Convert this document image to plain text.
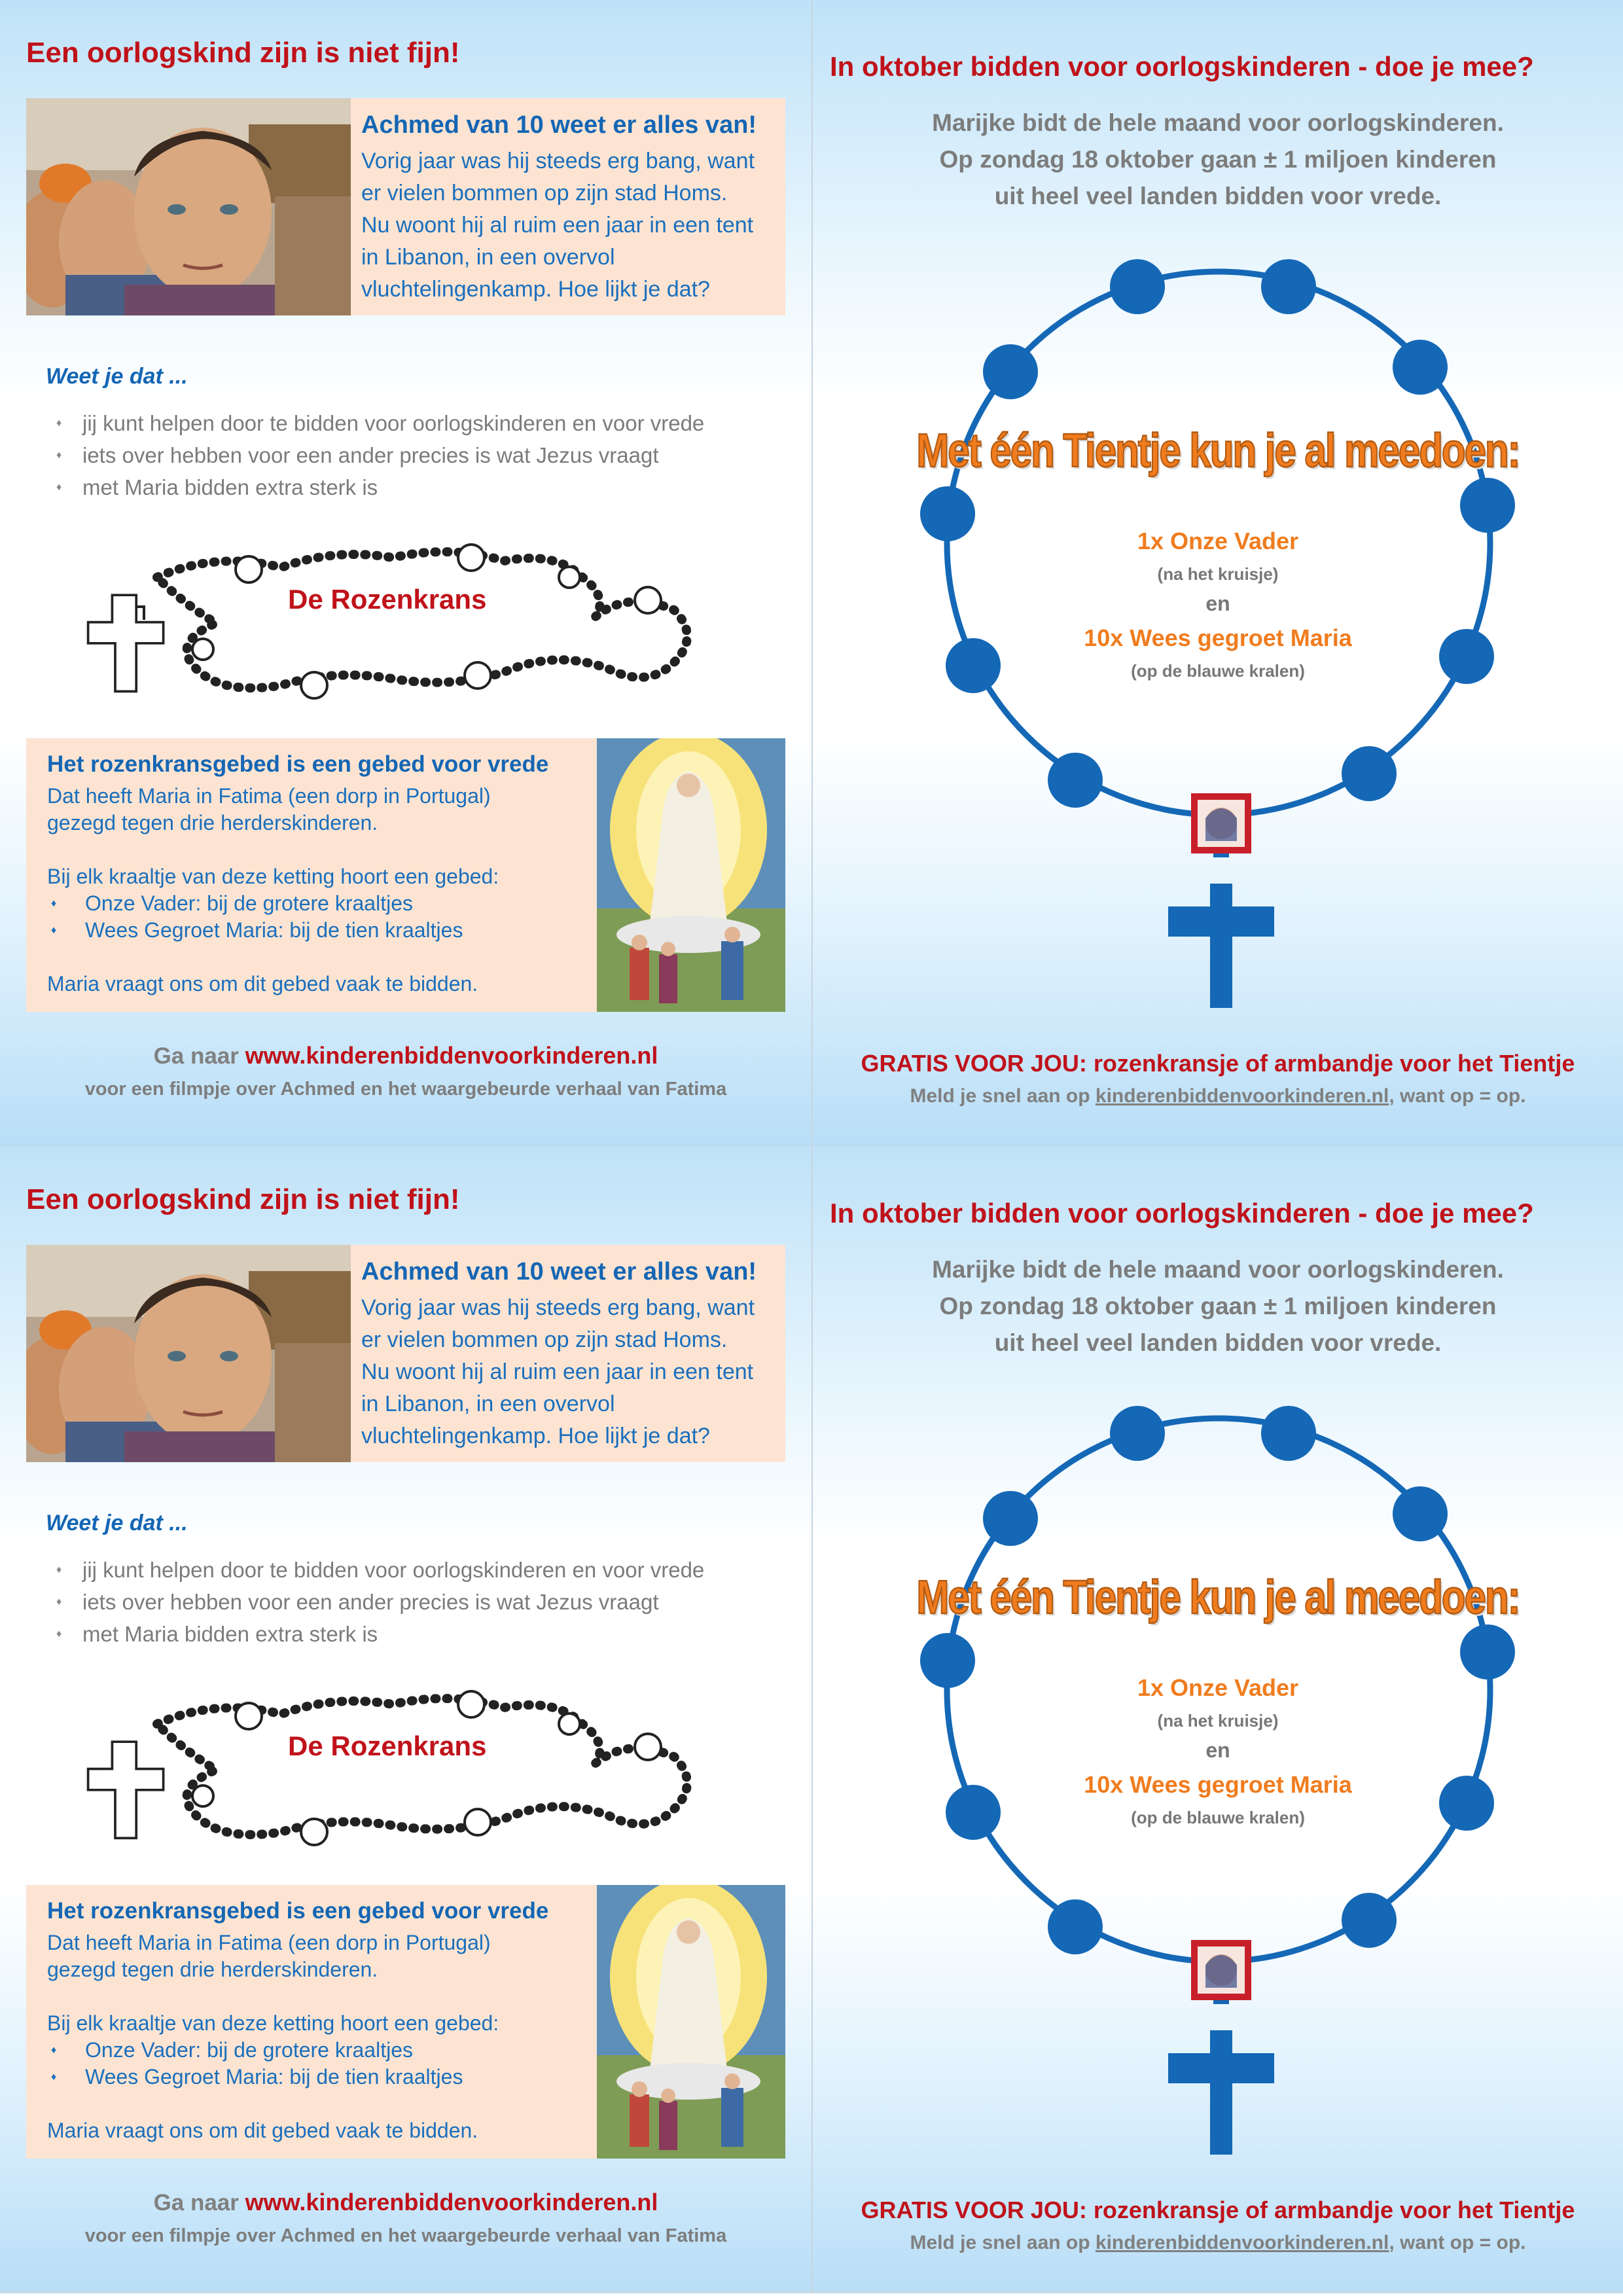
Een oorlogskind zijn is niet fijn!
Achmed van 10 weet er alles van!
Vorig jaar was hij steeds erg bang, want
er vielen bommen op zijn stad Homs.
Nu woont hij al ruim een jaar in een tent
in Libanon, in een overvol
vluchtelingenkamp. Hoe lijkt je dat?
Weet je dat ...
♦ jij kunt helpen door te bidden voor oorlogskinderen en voor vrede
♦ iets over hebben voor een ander precies is wat Jezus vraagt
♦ met Maria bidden extra sterk is
De Rozenkrans
Het rozenkransgebed is een gebed voor vrede
Dat heeft Maria in Fatima (een dorp in Portugal)
gezegd tegen drie herderskinderen.
Bij elk kraaltje van deze ketting hoort een gebed:
♦ Onze Vader: bij de grotere kraaltjes
♦ Wees Gegroet Maria: bij de tien kraaltjes
Maria vraagt ons om dit gebed vaak te bidden.
Ga naar www.kinderenbiddenvoorkinderen.nl
voor een filmpje over Achmed en het waargebeurde verhaal van Fatima
In oktober bidden voor oorlogskinderen - doe je mee?
Marijke bidt de hele maand voor oorlogskinderen.
Op zondag 18 oktober gaan ± 1 miljoen kinderen
uit heel veel landen bidden voor vrede.
Met één Tientje kun je al meedoen:
1x Onze Vader
(na het kruisje)
en
10x Wees gegroet Maria
(op de blauwe kralen)
GRATIS VOOR JOU: rozenkransje of armbandje voor het Tientje
Meld je snel aan op kinderenbiddenvoorkinderen.nl, want op = op.
Een oorlogskind zijn is niet fijn!
Achmed van 10 weet er alles van!
Vorig jaar was hij steeds erg bang, want
er vielen bommen op zijn stad Homs.
Nu woont hij al ruim een jaar in een tent
in Libanon, in een overvol
vluchtelingenkamp. Hoe lijkt je dat?
Weet je dat ...
♦ jij kunt helpen door te bidden voor oorlogskinderen en voor vrede
♦ iets over hebben voor een ander precies is wat Jezus vraagt
♦ met Maria bidden extra sterk is
De Rozenkrans
Het rozenkransgebed is een gebed voor vrede
Dat heeft Maria in Fatima (een dorp in Portugal)
gezegd tegen drie herderskinderen.
Bij elk kraaltje van deze ketting hoort een gebed:
♦ Onze Vader: bij de grotere kraaltjes
♦ Wees Gegroet Maria: bij de tien kraaltjes
Maria vraagt ons om dit gebed vaak te bidden.
Ga naar www.kinderenbiddenvoorkinderen.nl
voor een filmpje over Achmed en het waargebeurde verhaal van Fatima
In oktober bidden voor oorlogskinderen - doe je mee?
Marijke bidt de hele maand voor oorlogskinderen.
Op zondag 18 oktober gaan ± 1 miljoen kinderen
uit heel veel landen bidden voor vrede.
Met één Tientje kun je al meedoen:
1x Onze Vader
(na het kruisje)
en
10x Wees gegroet Maria
(op de blauwe kralen)
GRATIS VOOR JOU: rozenkransje of armbandje voor het Tientje
Meld je snel aan op kinderenbiddenvoorkinderen.nl, want op = op.
